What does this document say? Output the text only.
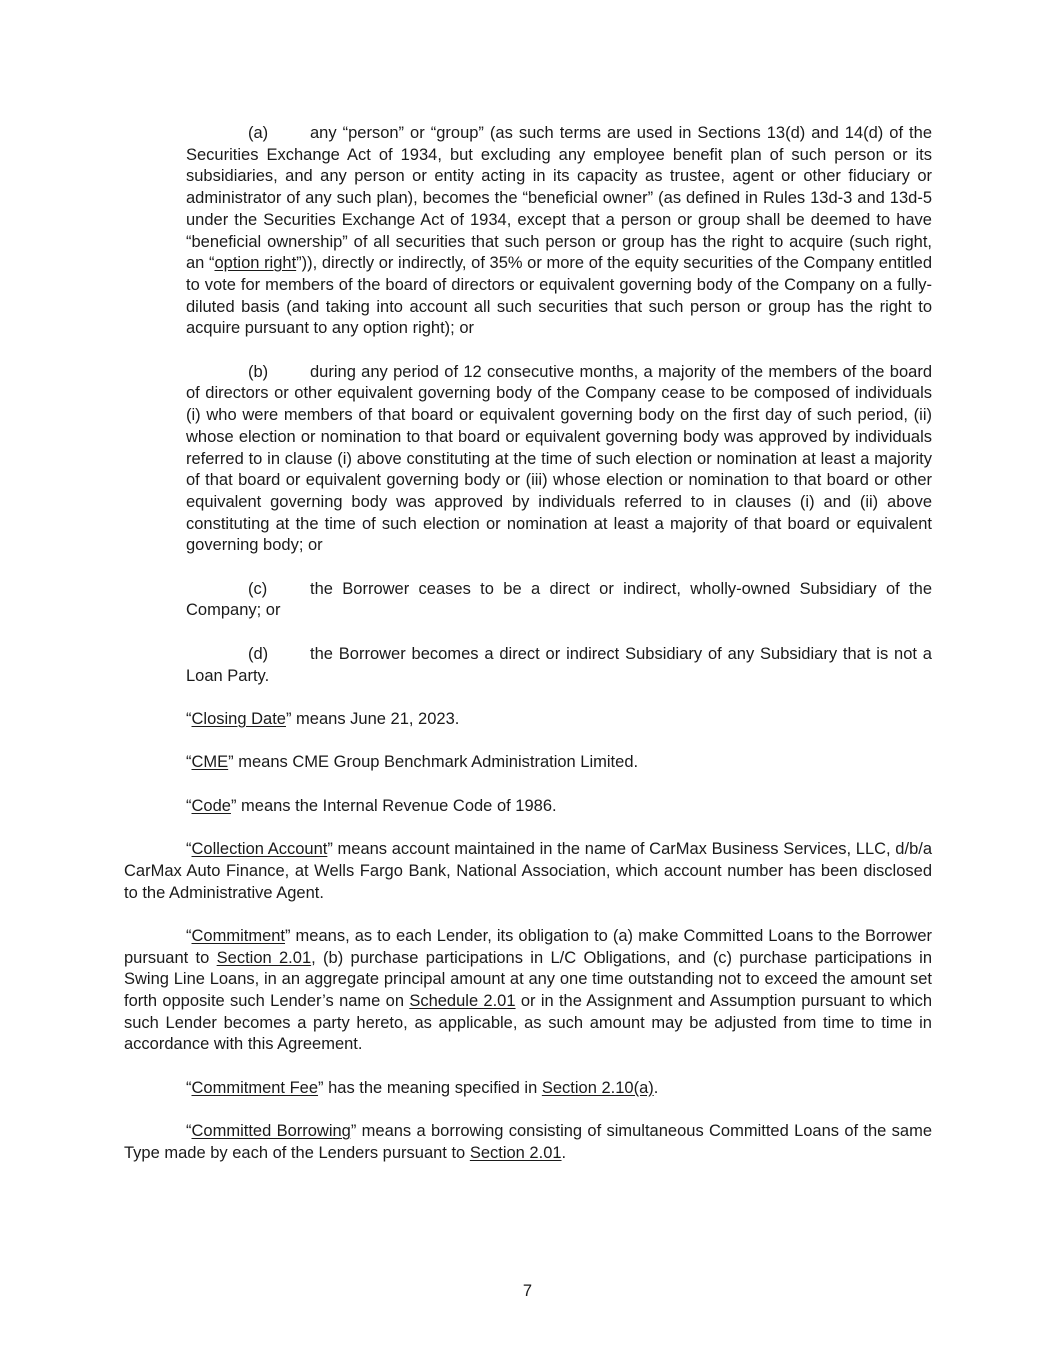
(a)	any “person” or “group” (as such terms are used in Sections 13(d) and 14(d) of the Securities Exchange Act of 1934, but excluding any employee benefit plan of such person or its subsidiaries, and any person or entity acting in its capacity as trustee, agent or other fiduciary or administrator of any such plan), becomes the “beneficial owner” (as defined in Rules 13d-3 and 13d-5 under the Securities Exchange Act of 1934, except that a person or group shall be deemed to have “beneficial ownership” of all securities that such person or group has the right to acquire (such right, an “option right”)), directly or indirectly, of 35% or more of the equity securities of the Company entitled to vote for members of the board of directors or equivalent governing body of the Company on a fully-diluted basis (and taking into account all such securities that such person or group has the right to acquire pursuant to any option right); or

(b)	during any period of 12 consecutive months, a majority of the members of the board of directors or other equivalent governing body of the Company cease to be composed of individuals (i) who were members of that board or equivalent governing body on the first day of such period, (ii) whose election or nomination to that board or equivalent governing body was approved by individuals referred to in clause (i) above constituting at the time of such election or nomination at least a majority of that board or equivalent governing body or (iii) whose election or nomination to that board or other equivalent governing body was approved by individuals referred to in clauses (i) and (ii) above constituting at the time of such election or nomination at least a majority of that board or equivalent governing body; or

(c)	the Borrower ceases to be a direct or indirect, wholly-owned Subsidiary of the Company; or

(d)	the Borrower becomes a direct or indirect Subsidiary of any Subsidiary that is not a Loan Party.

“Closing Date” means June 21, 2023.

“CME” means CME Group Benchmark Administration Limited.

“Code” means the Internal Revenue Code of 1986.

“Collection Account” means account maintained in the name of CarMax Business Services, LLC, d/b/a CarMax Auto Finance, at Wells Fargo Bank, National Association, which account number has been disclosed to the Administrative Agent.

“Commitment” means, as to each Lender, its obligation to (a) make Committed Loans to the Borrower pursuant to Section 2.01, (b) purchase participations in L/C Obligations, and (c) purchase participations in Swing Line Loans, in an aggregate principal amount at any one time outstanding not to exceed the amount set forth opposite such Lender’s name on Schedule 2.01 or in the Assignment and Assumption pursuant to which such Lender becomes a party hereto, as applicable, as such amount may be adjusted from time to time in accordance with this Agreement.

“Commitment Fee” has the meaning specified in Section 2.10(a).

“Committed Borrowing” means a borrowing consisting of simultaneous Committed Loans of the same Type made by each of the Lenders pursuant to Section 2.01.

7
